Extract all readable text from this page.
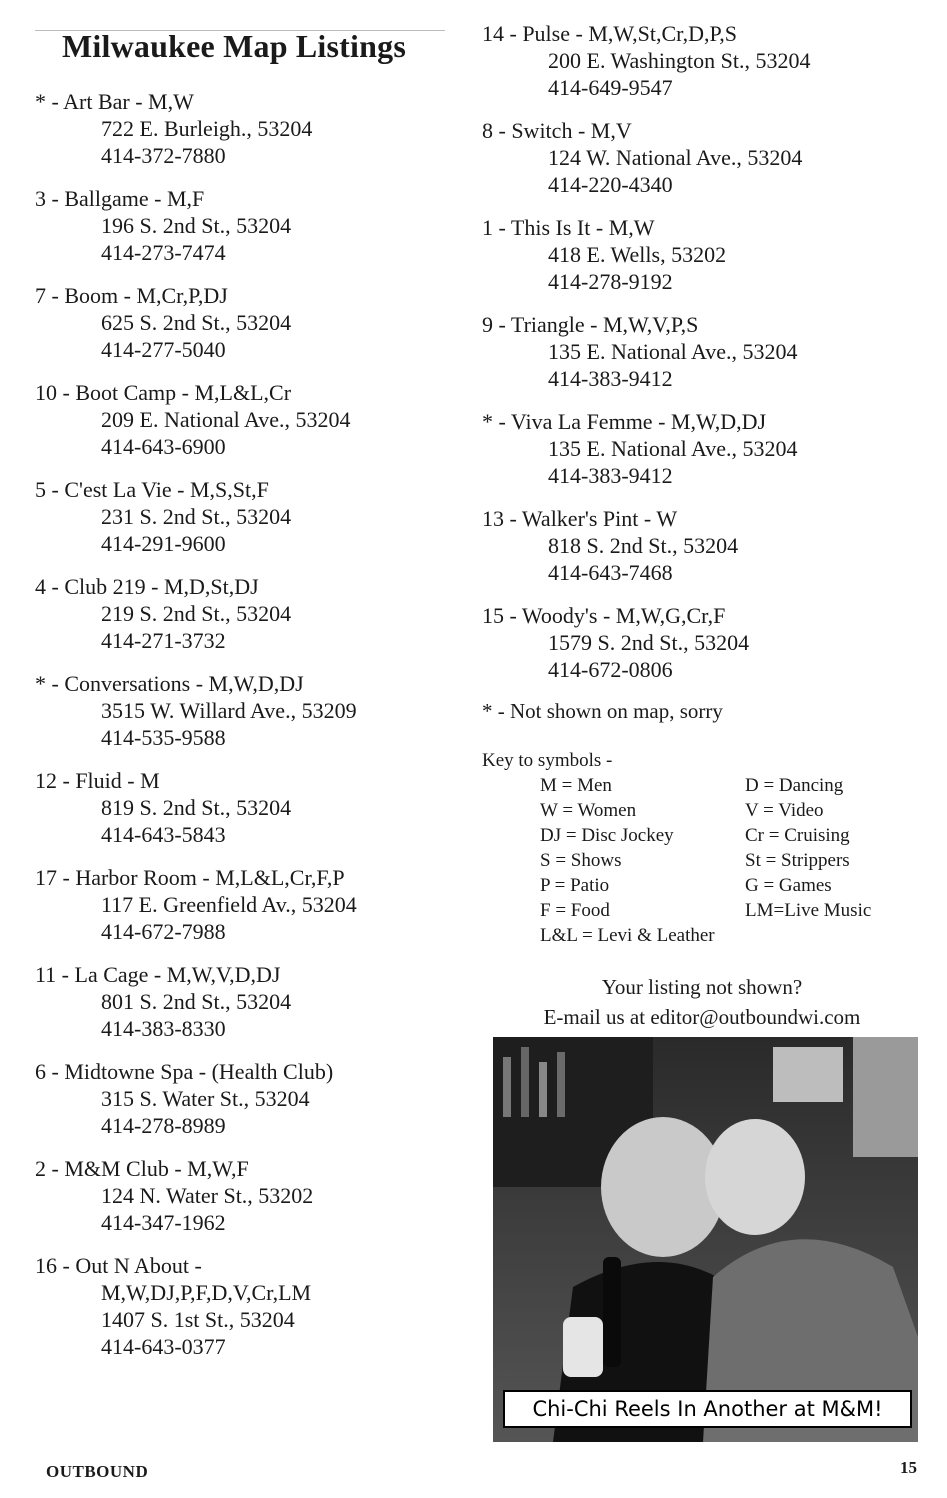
Milwaukee Map Listings
* - Art Bar - M,W
722 E. Burleigh., 53204
414-372-7880
3 - Ballgame - M,F
196 S. 2nd St., 53204
414-273-7474
7 - Boom - M,Cr,P,DJ
625 S. 2nd St., 53204
414-277-5040
10 - Boot Camp - M,L&L,Cr
209 E. National Ave., 53204
414-643-6900
5 - C'est La Vie - M,S,St,F
231 S. 2nd St., 53204
414-291-9600
4 - Club 219 - M,D,St,DJ
219 S. 2nd St., 53204
414-271-3732
* - Conversations - M,W,D,DJ
3515 W. Willard Ave., 53209
414-535-9588
12 - Fluid - M
819 S. 2nd St., 53204
414-643-5843
17 - Harbor Room - M,L&L,Cr,F,P
117 E. Greenfield Av., 53204
414-672-7988
11 - La Cage - M,W,V,D,DJ
801 S. 2nd St., 53204
414-383-8330
6 - Midtowne Spa - (Health Club)
315 S. Water St., 53204
414-278-8989
2 - M&M Club - M,W,F
124 N. Water St., 53202
414-347-1962
16 - Out N About -
M,W,DJ,P,F,D,V,Cr,LM
1407 S. 1st St., 53204
414-643-0377
14 - Pulse - M,W,St,Cr,D,P,S
200 E. Washington St., 53204
414-649-9547
8 - Switch - M,V
124 W. National Ave., 53204
414-220-4340
1 - This Is It - M,W
418 E. Wells, 53202
414-278-9192
9 - Triangle - M,W,V,P,S
135 E. National Ave., 53204
414-383-9412
* - Viva La Femme - M,W,D,DJ
135 E. National Ave., 53204
414-383-9412
13 - Walker's Pint - W
818 S. 2nd St., 53204
414-643-7468
15 - Woody's - M,W,G,Cr,F
1579 S. 2nd St., 53204
414-672-0806
* - Not shown on map, sorry
Key to symbols -
M = Men	D = Dancing
W = Women	V = Video
DJ = Disc Jockey	Cr = Cruising
S = Shows	St = Strippers
P = Patio	G = Games
F = Food	LM=Live Music
L&L = Levi & Leather
Your listing not shown?
E-mail us at editor@outboundwi.com
Chi-Chi Reels In Another at M&M!
OUTBOUND	15
